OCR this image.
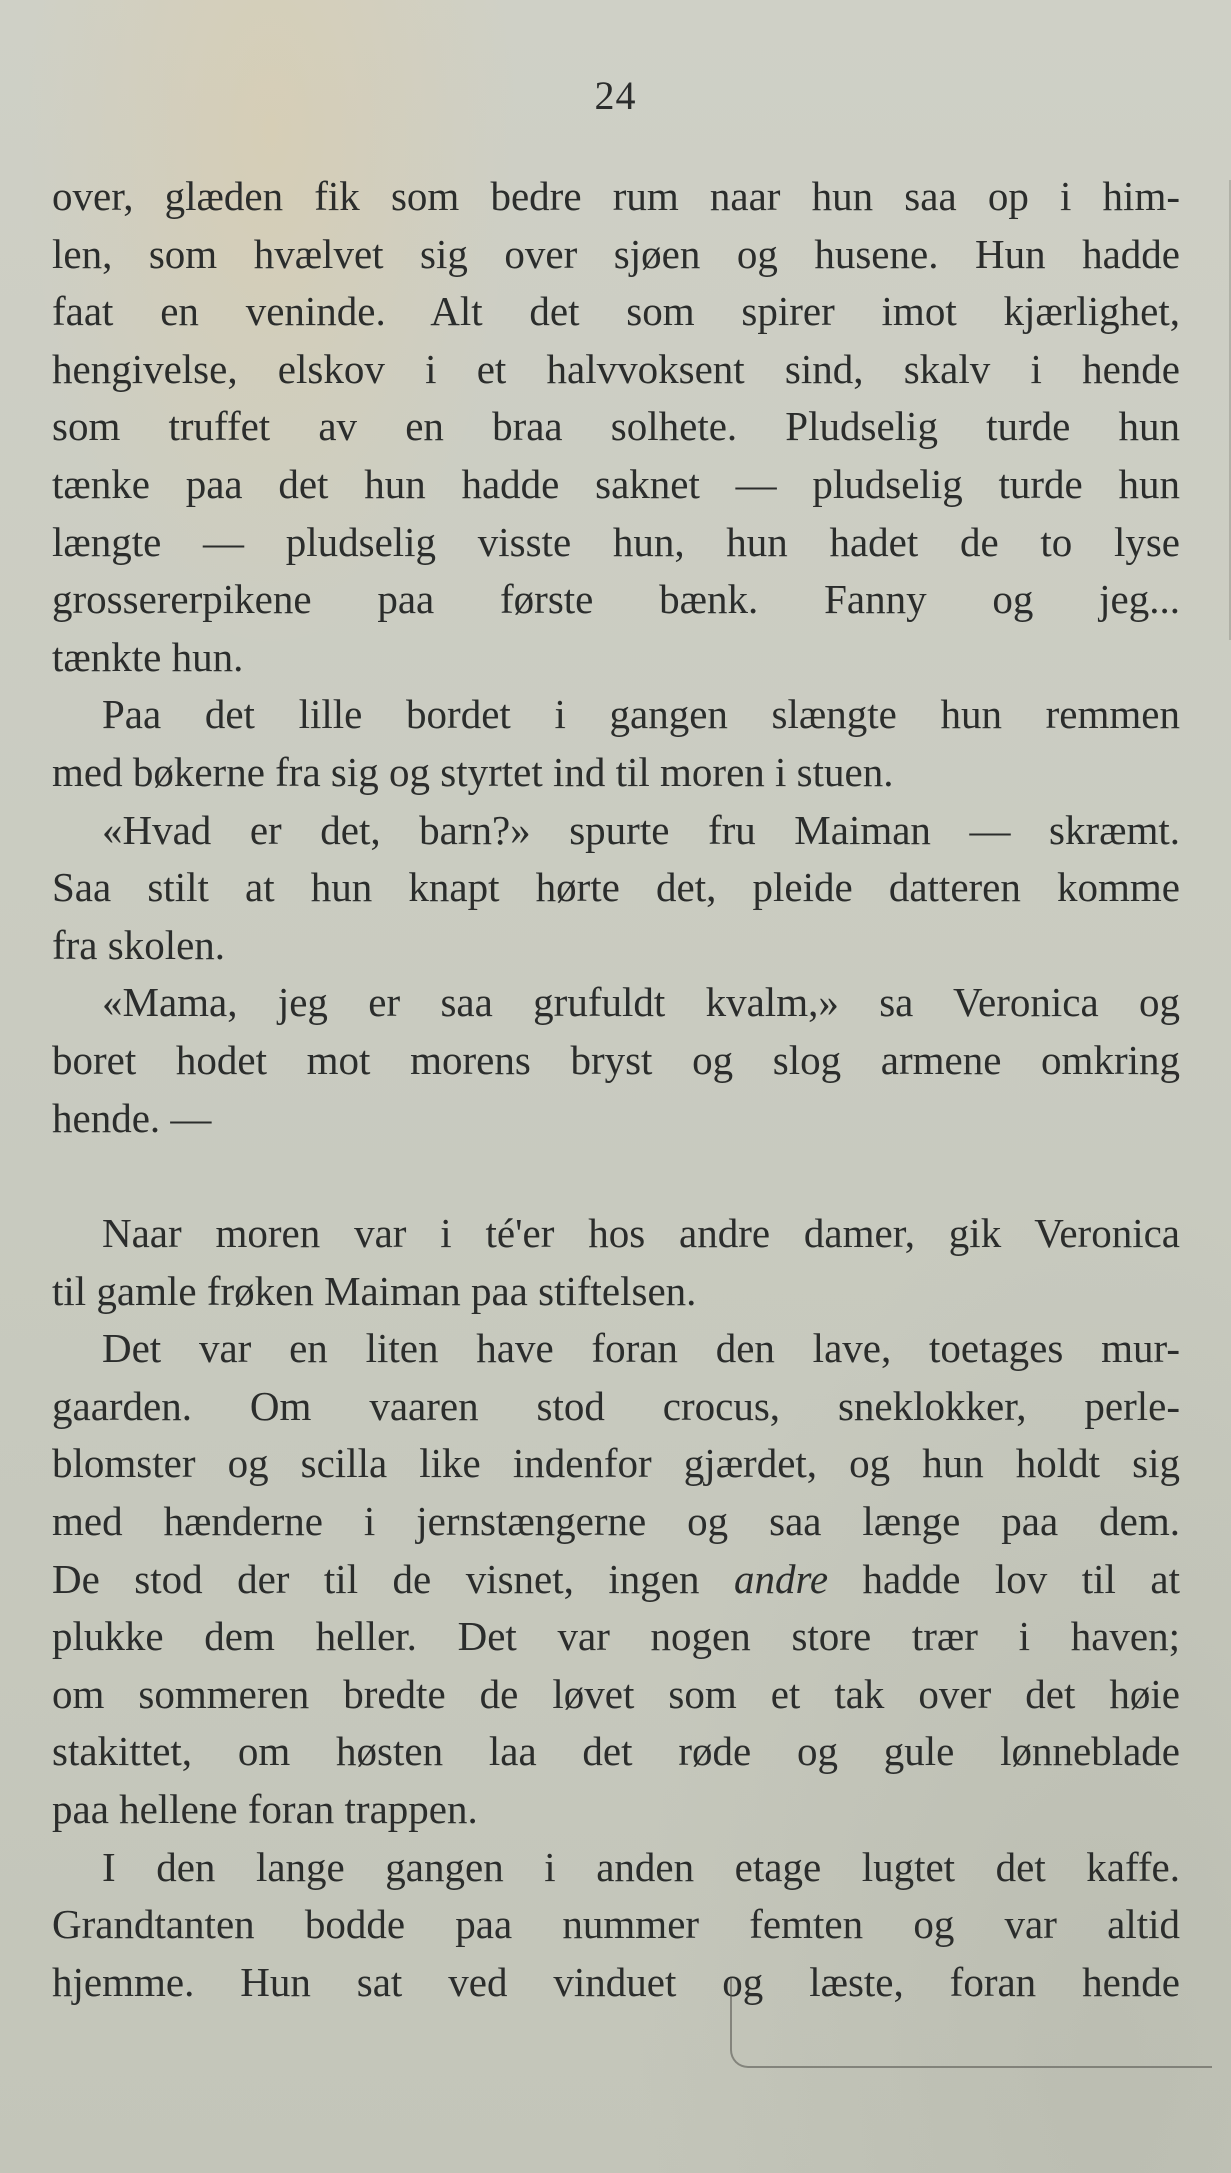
24
over, glæden fik som bedre rum naar hun saa op i him-
len, som hvælvet sig over sjøen og husene. Hun hadde
faat en veninde. Alt det som spirer imot kjærlighet,
hengivelse, elskov i et halvvoksent sind, skalv i hende
som truffet av en braa solhete. Pludselig turde hun
tænke paa det hun hadde saknet — pludselig turde hun
længte — pludselig visste hun, hun hadet de to lyse
grossererpikene paa første bænk. Fanny og jeg...
tænkte hun.
Paa det lille bordet i gangen slængte hun remmen
med bøkerne fra sig og styrtet ind til moren i stuen.
«Hvad er det, barn?» spurte fru Maiman — skræmt.
Saa stilt at hun knapt hørte det, pleide datteren komme
fra skolen.
«Mama, jeg er saa grufuldt kvalm,» sa Veronica og
boret hodet mot morens bryst og slog armene omkring
hende. —
Naar moren var i té'er hos andre damer, gik Veronica
til gamle frøken Maiman paa stiftelsen.
Det var en liten have foran den lave, toetages mur-
gaarden. Om vaaren stod crocus, sneklokker, perle-
blomster og scilla like indenfor gjærdet, og hun holdt sig
med hænderne i jernstængerne og saa længe paa dem.
De stod der til de visnet, ingen andre hadde lov til at
plukke dem heller. Det var nogen store trær i haven;
om sommeren bredte de løvet som et tak over det høie
stakittet, om høsten laa det røde og gule lønneblade
paa hellene foran trappen.
I den lange gangen i anden etage lugtet det kaffe.
Grandtanten bodde paa nummer femten og var altid
hjemme. Hun sat ved vinduet og læste, foran hende
